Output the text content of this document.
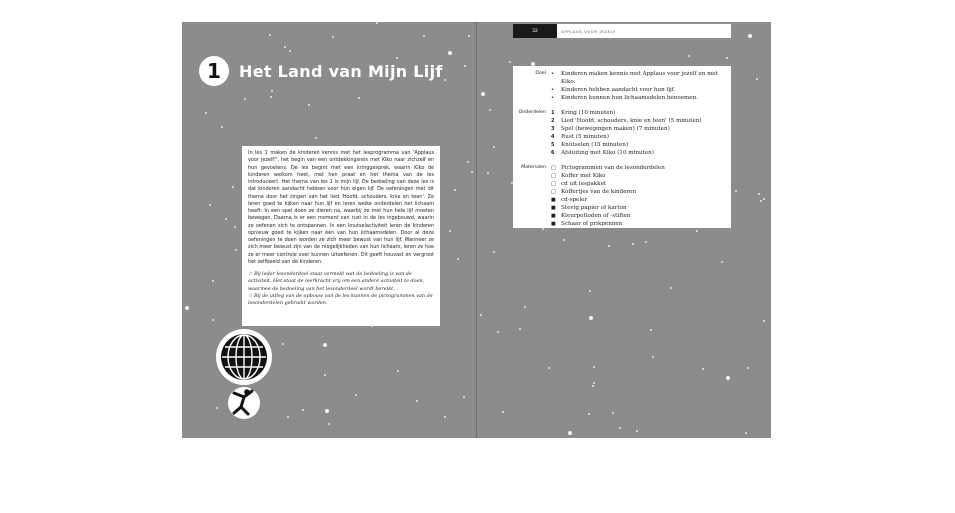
1	Het Land van Mijn Lijf

In les 1 maken de kinderen kennis met het lesprogramma van 'Applaus voor jezelf!', het begin van een ontdekkingsreis met Kiko naar zichzelf en hun gevoelens. De les begint met een kringgesprek, waarin Kiko de kinderen welkom heet, met hen praat en het thema van de les introduceert. Het thema van les 1 is mijn lijf. De bedoeling van deze les is dat kinderen aandacht hebben voor hun eigen lijf. De oefeningen met dit thema door het zingen van het lied 'Hoofd, schouders, knie en teen'. Ze leren goed te kijken naar hun lijf en leren welke onderdelen het lichaam heeft. In een spel doen ze dieren na, waarbij ze met hun hele lijf moeten bewegen. Daarna is er een moment van rust in de les ingebouwd, waarin ze oefenen zich te ontspannen. In een knutselactiviteit leren de kinderen opnieuw goed te kijken naar één van hun lichaamsdelen. Door al deze oefeningen te doen worden ze zich meer bewust van hun lijf. Wanneer ze zich meer bewust zijn van de mogelijkheden van hun lichaam, leren ze hoe ze er meer controle over kunnen uitoefenen. Dit geeft houvast en vergroot het zelfbeeld van de kinderen.

☆ Bij ieder lesonderdeel staat vermeld wat de bedoeling is van de activiteit. Het staat de leerkracht vrij om een andere activiteit te doen, waarmee de bedoeling van het lesonderdeel wordt bereikt.

☆ Bij de uitleg van de opbouw van de les kunnen de pictogrammen van de lesonderdelen gebruikt worden.

32	APPLAUS VOOR JEZELF
Doel	•	Kinderen maken kennis met Applaus voor jezelf en met Kiko.
•	Kinderen hebben aandacht voor hun lijf.
•	Kinderen kunnen hun lichaamsdelen benoemen.
Onderdelen	1	Kring (10 minuten)
2	Lied 'Hoofd, schouders, knie en teen' (5 minuten)
3	Spel (bewegingen maken) (7 minuten)
4	Rust (5 minuten)
5	Knutselen (15 minuten)
6	Afsluiting met Kiko (10 minuten)
Materialen	□ Pictogrammen van de lesonderdelen
□ Koffer met Kiko
□ cd uit lespakket
□ Koffertjes van de kinderen
■ cd-speler
■ Stevig papier of karton
■ Kleurpotloden of -stiften
■ Schaar of prikpennen
